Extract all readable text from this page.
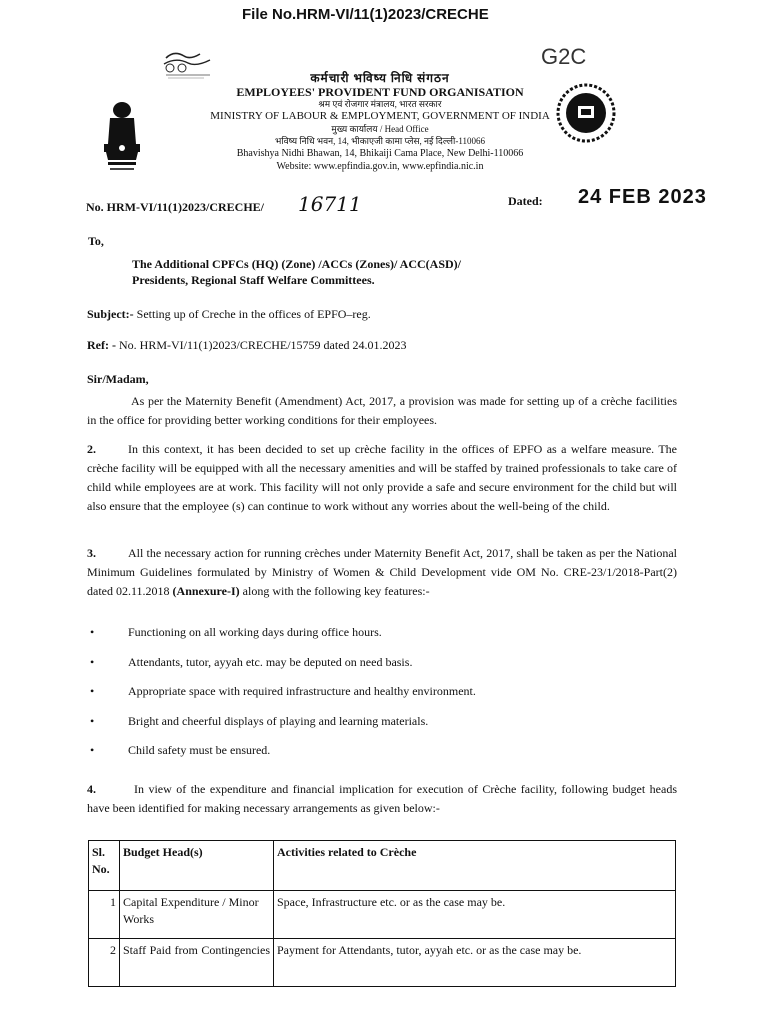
File No.HRM-VI/11(1)2023/CRECHE
G2C
कर्मचारी भविष्य निधि संगठन
EMPLOYEES' PROVIDENT FUND ORGANISATION
श्रम एवं रोजगार मंत्रालय, भारत सरकार
MINISTRY OF LABOUR & EMPLOYMENT, GOVERNMENT OF INDIA
मुख्य कार्यालय / Head Office
भविष्य निधि भवन, 14, भीकाएजी कामा प्लेस, नई दिल्ली-110066
Bhavishya Nidhi Bhawan, 14, Bhikaiji Cama Place, New Delhi-110066
Website: www.epfindia.gov.in, www.epfindia.nic.in
No. HRM-VI/11(1)2023/CRECHE/ 16711	Dated: 24 FEB 2023
To,
The Additional CPFCs (HQ) (Zone) /ACCs (Zones)/ ACC(ASD)/
Presidents, Regional Staff Welfare Committees.
Subject:- Setting up of Creche in the offices of EPFO–reg.
Ref: - No. HRM-VI/11(1)2023/CRECHE/15759 dated 24.01.2023
Sir/Madam,
As per the Maternity Benefit (Amendment) Act, 2017, a provision was made for setting up of a crèche facilities in the office for providing better working conditions for their employees.
2.	In this context, it has been decided to set up crèche facility in the offices of EPFO as a welfare measure. The crèche facility will be equipped with all the necessary amenities and will be staffed by trained professionals to take care of child while employees are at work. This facility will not only provide a safe and secure environment for the child but will also ensure that the employee (s) can continue to work without any worries about the well-being of the child.
3.	All the necessary action for running crèches under Maternity Benefit Act, 2017, shall be taken as per the National Minimum Guidelines formulated by Ministry of Women & Child Development vide OM No. CRE-23/1/2018-Part(2) dated 02.11.2018 (Annexure-I) along with the following key features:-
• Functioning on all working days during office hours.
• Attendants, tutor, ayyah etc. may be deputed on need basis.
• Appropriate space with required infrastructure and healthy environment.
• Bright and cheerful displays of playing and learning materials.
• Child safety must be ensured.
4.	In view of the expenditure and financial implication for execution of Crèche facility, following budget heads have been identified for making necessary arrangements as given below:-
Sl. No.	Budget Head(s)	Activities related to Crèche
1	Capital Expenditure / Minor Works	Space, Infrastructure etc. or as the case may be.
2	Staff Paid from Contingencies	Payment for Attendants, tutor, ayyah etc. or as the case may be.
